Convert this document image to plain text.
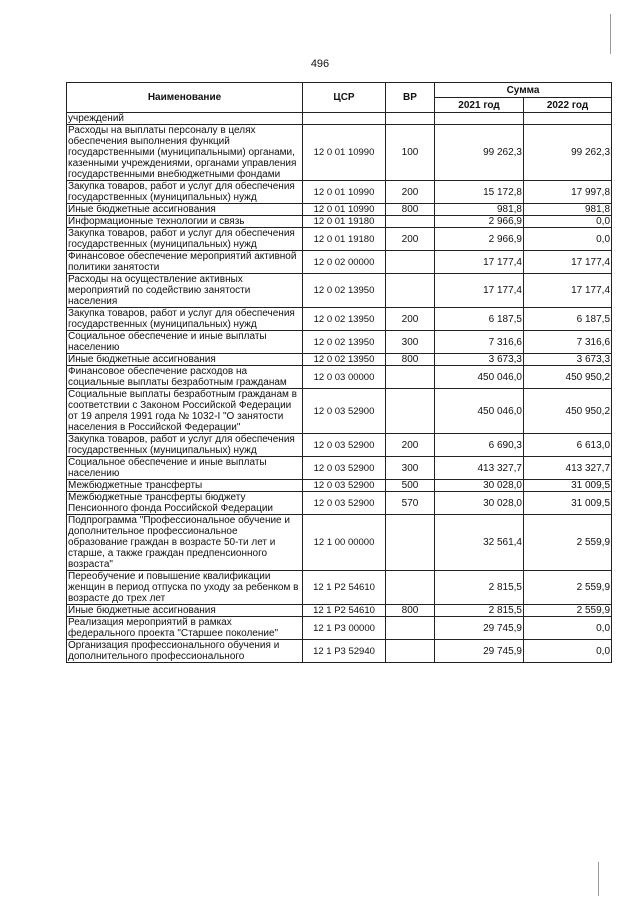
496
Наименование	ЦСР	ВР	Сумма	
			2021 год	2022 год
учреждений				
Расходы на выплаты персоналу в целях обеспечения выполнения функций государственными (муниципальными) органами, казенными учреждениями, органами управления государственными внебюджетными фондами	12 0 01 10990	100	99 262,3	99 262,3
Закупка товаров, работ и услуг для обеспечения государственных (муниципальных) нужд	12 0 01 10990	200	15 172,8	17 997,8
Иные бюджетные ассигнования	12 0 01 10990	800	981,8	981,8
Информационные технологии и связь	12 0 01 19180		2 966,9	0,0
Закупка товаров, работ и услуг для обеспечения государственных (муниципальных) нужд	12 0 01 19180	200	2 966,9	0,0
Финансовое обеспечение мероприятий активной политики занятости	12 0 02 00000		17 177,4	17 177,4
Расходы на осуществление активных мероприятий по содействию занятости населения	12 0 02 13950		17 177,4	17 177,4
Закупка товаров, работ и услуг для обеспечения государственных (муниципальных) нужд	12 0 02 13950	200	6 187,5	6 187,5
Социальное обеспечение и иные выплаты населению	12 0 02 13950	300	7 316,6	7 316,6
Иные бюджетные ассигнования	12 0 02 13950	800	3 673,3	3 673,3
Финансовое обеспечение расходов на социальные выплаты безработным гражданам	12 0 03 00000		450 046,0	450 950,2
Социальные выплаты безработным гражданам в соответствии с Законом Российской Федерации от 19 апреля 1991 года № 1032-I "О занятости населения в Российской Федерации"	12 0 03 52900		450 046,0	450 950,2
Закупка товаров, работ и услуг для обеспечения государственных (муниципальных) нужд	12 0 03 52900	200	6 690,3	6 613,0
Социальное обеспечение и иные выплаты населению	12 0 03 52900	300	413 327,7	413 327,7
Межбюджетные трансферты	12 0 03 52900	500	30 028,0	31 009,5
Межбюджетные трансферты бюджету Пенсионного фонда Российской Федерации	12 0 03 52900	570	30 028,0	31 009,5
Подпрограмма "Профессиональное обучение и дополнительное профессиональное образование граждан в возрасте 50-ти лет и старше, а также граждан предпенсионного возраста"	12 1 00 00000		32 561,4	2 559,9
Переобучение и повышение квалификации женщин в период отпуска по уходу за ребенком в возрасте до трех лет	12 1 P2 54610		2 815,5	2 559,9
Иные бюджетные ассигнования	12 1 P2 54610	800	2 815,5	2 559,9
Реализация мероприятий в рамках федерального проекта "Старшее поколение"	12 1 P3 00000		29 745,9	0,0
Организация профессионального обучения и дополнительного профессионального	12 1 P3 52940		29 745,9	0,0
